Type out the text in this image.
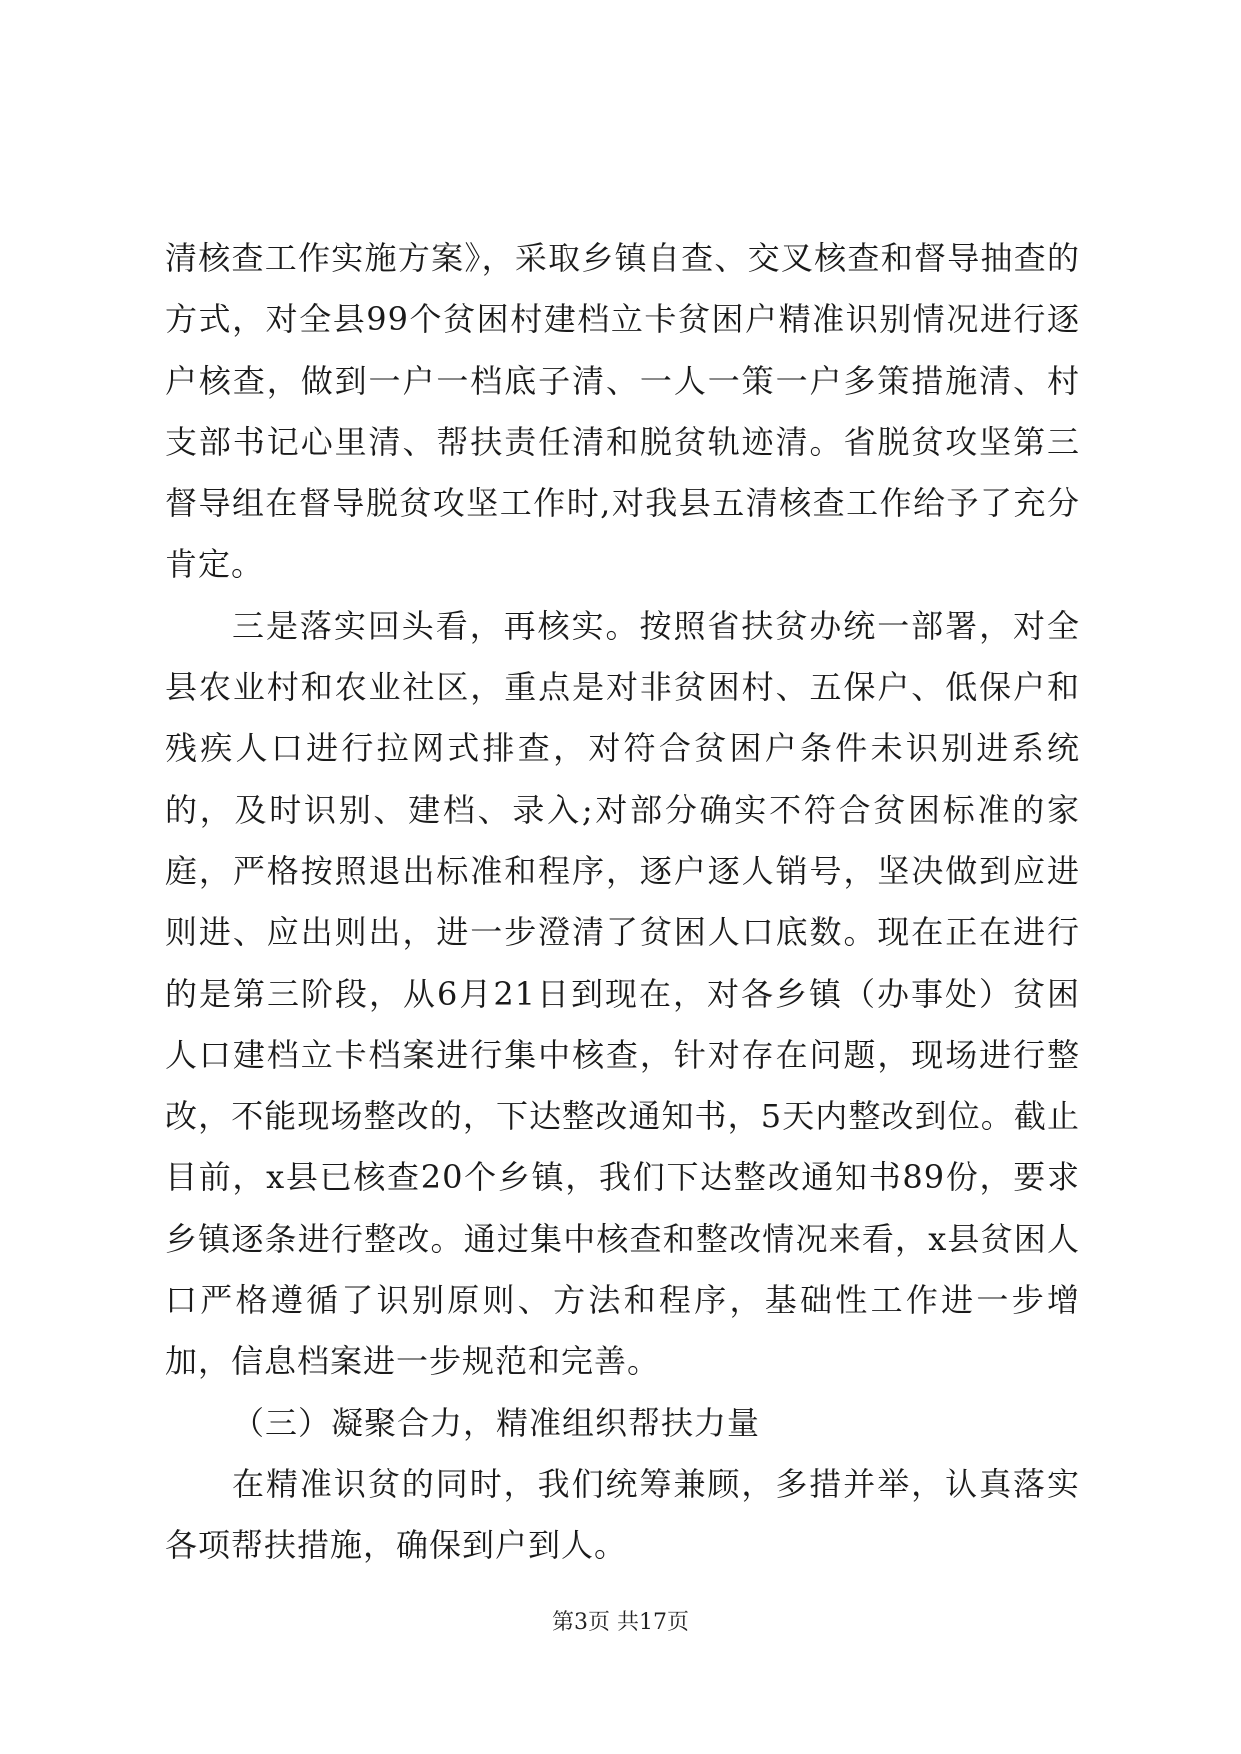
清核查工作实施方案》，采取乡镇自查、交叉核查和督导抽查的方式，对全县99个贫困村建档立卡贫困户精准识别情况进行逐户核查，做到一户一档底子清、一人一策一户多策措施清、村支部书记心里清、帮扶责任清和脱贫轨迹清。省脱贫攻坚第三督导组在督导脱贫攻坚工作时,对我县五清核查工作给予了充分肯定。

三是落实回头看，再核实。按照省扶贫办统一部署，对全县农业村和农业社区，重点是对非贫困村、五保户、低保户和残疾人口进行拉网式排查，对符合贫困户条件未识别进系统的，及时识别、建档、录入;对部分确实不符合贫困标准的家庭，严格按照退出标准和程序，逐户逐人销号，坚决做到应进则进、应出则出，进一步澄清了贫困人口底数。现在正在进行的是第三阶段，从6月21日到现在，对各乡镇（办事处）贫困人口建档立卡档案进行集中核查，针对存在问题，现场进行整改，不能现场整改的，下达整改通知书，5天内整改到位。截止目前，x县已核查20个乡镇，我们下达整改通知书89份，要求乡镇逐条进行整改。通过集中核查和整改情况来看，x县贫困人口严格遵循了识别原则、方法和程序，基础性工作进一步增加，信息档案进一步规范和完善。

（三）凝聚合力，精准组织帮扶力量

在精准识贫的同时，我们统筹兼顾，多措并举，认真落实各项帮扶措施，确保到户到人。

第3页 共17页
